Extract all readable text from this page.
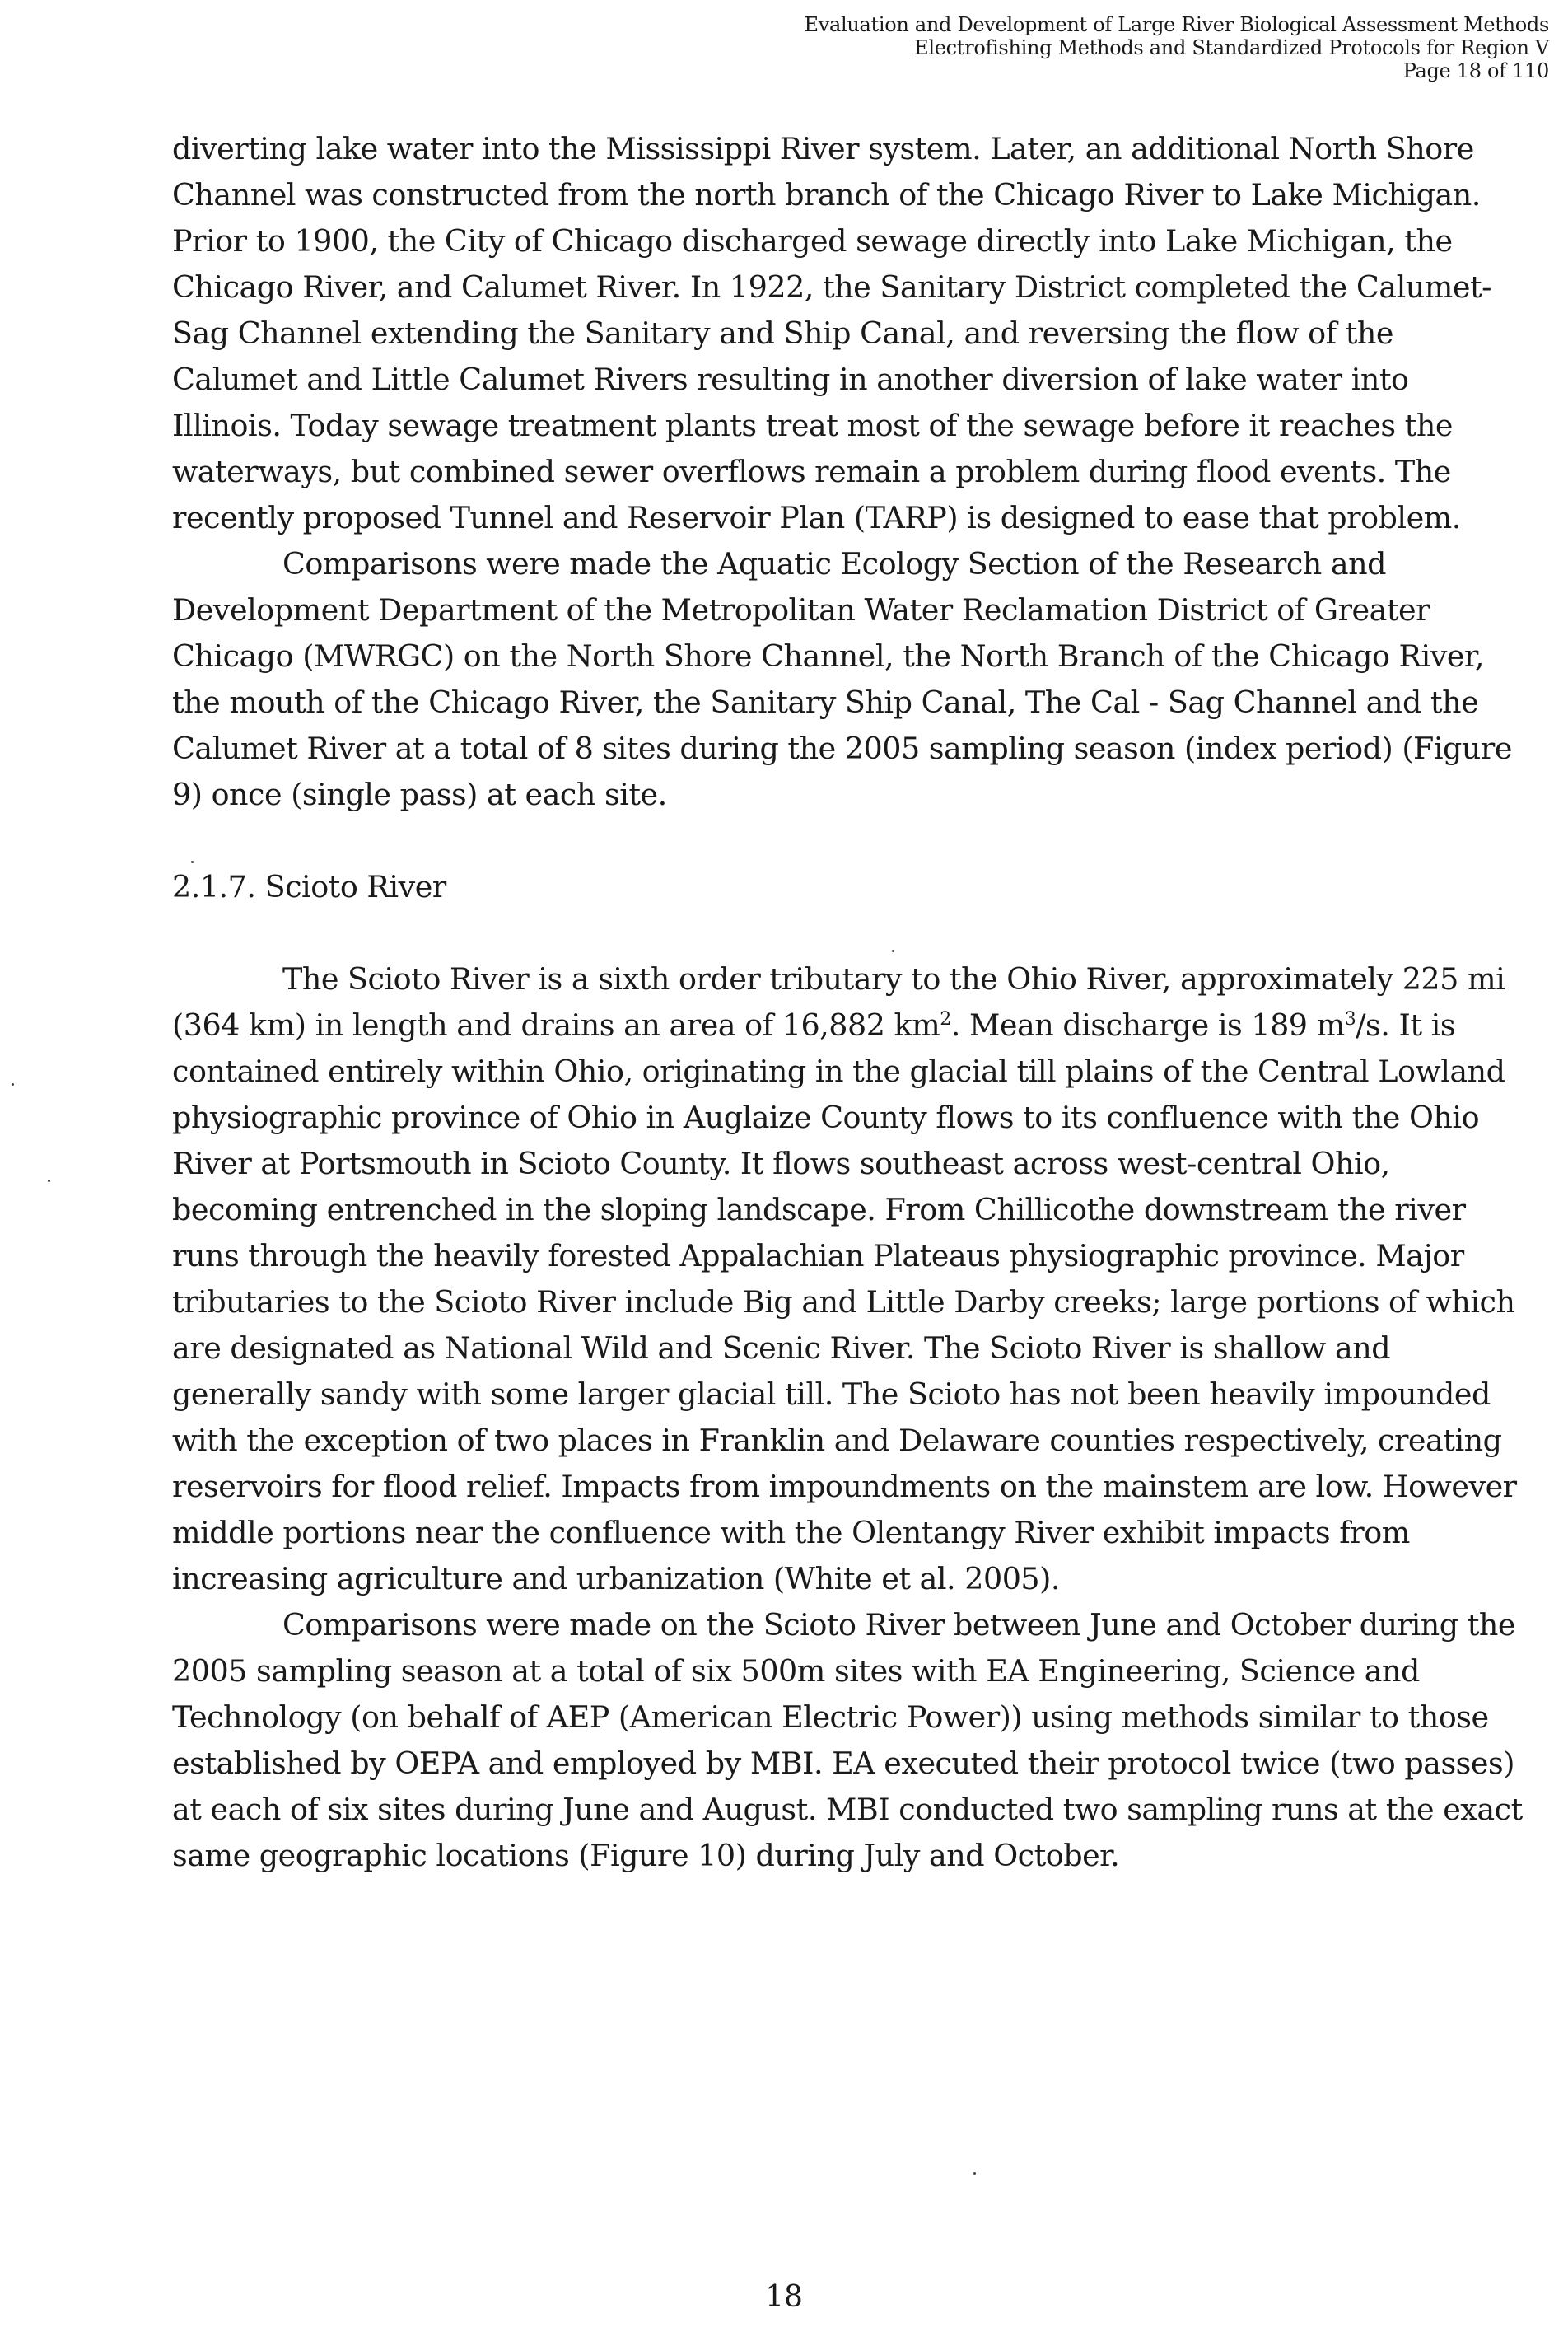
Evaluation and Development of Large River Biological Assessment Methods
Electrofishing Methods and Standardized Protocols for Region V
Page 18 of 110

diverting lake water into the Mississippi River system. Later, an additional North Shore Channel was constructed from the north branch of the Chicago River to Lake Michigan. Prior to 1900, the City of Chicago discharged sewage directly into Lake Michigan, the Chicago River, and Calumet River. In 1922, the Sanitary District completed the Calumet-Sag Channel extending the Sanitary and Ship Canal, and reversing the flow of the Calumet and Little Calumet Rivers resulting in another diversion of lake water into Illinois. Today sewage treatment plants treat most of the sewage before it reaches the waterways, but combined sewer overflows remain a problem during flood events. The recently proposed Tunnel and Reservoir Plan (TARP) is designed to ease that problem.

Comparisons were made the Aquatic Ecology Section of the Research and Development Department of the Metropolitan Water Reclamation District of Greater Chicago (MWRGC) on the North Shore Channel, the North Branch of the Chicago River, the mouth of the Chicago River, the Sanitary Ship Canal, The Cal - Sag Channel and the Calumet River at a total of 8 sites during the 2005 sampling season (index period) (Figure 9) once (single pass) at each site.

2.1.7. Scioto River

The Scioto River is a sixth order tributary to the Ohio River, approximately 225 mi (364 km) in length and drains an area of 16,882 $km^2$. Mean discharge is 189 $m^3/s$. It is contained entirely within Ohio, originating in the glacial till plains of the Central Lowland physiographic province of Ohio in Auglaize County flows to its confluence with the Ohio River at Portsmouth in Scioto County. It flows southeast across west-central Ohio, becoming entrenched in the sloping landscape. From Chillicothe downstream the river runs through the heavily forested Appalachian Plateaus physiographic province. Major tributaries to the Scioto River include Big and Little Darby creeks; large portions of which are designated as National Wild and Scenic River. The Scioto River is shallow and generally sandy with some larger glacial till. The Scioto has not been heavily impounded with the exception of two places in Franklin and Delaware counties respectively, creating reservoirs for flood relief. Impacts from impoundments on the mainstem are low. However middle portions near the confluence with the Olentangy River exhibit impacts from increasing agriculture and urbanization (White et al. 2005).

Comparisons were made on the Scioto River between June and October during the 2005 sampling season at a total of six 500m sites with EA Engineering, Science and Technology (on behalf of AEP (American Electric Power)) using methods similar to those established by OEPA and employed by MBI. EA executed their protocol twice (two passes) at each of six sites during June and August. MBI conducted two sampling runs at the exact same geographic locations (Figure 10) during July and October.

18
